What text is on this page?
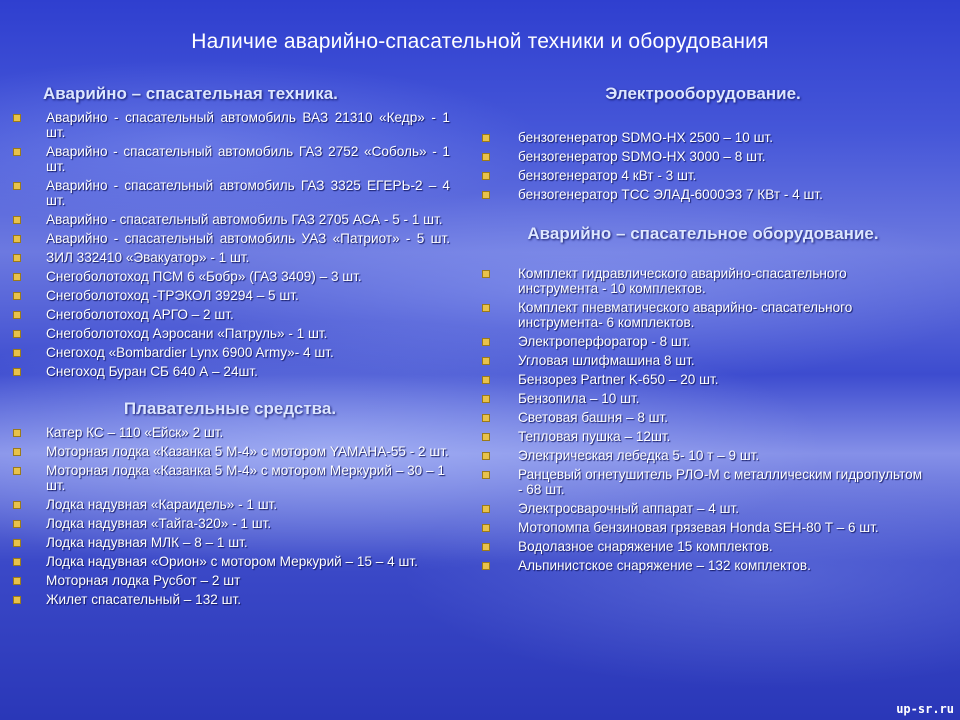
Наличие аварийно-спасательной техники и оборудования
Аварийно – спасательная техника.
Аварийно - спасательный автомобиль ВАЗ 21310 «Кедр» - 1 шт.
Аварийно - спасательный автомобиль ГАЗ 2752 «Соболь» - 1 шт.
Аварийно - спасательный автомобиль ГАЗ 3325 ЕГЕРЬ-2 – 4 шт.
Аварийно - спасательный автомобиль ГАЗ 2705 АСА - 5 - 1 шт.
Аварийно - спасательный автомобиль УАЗ «Патриот» - 5 шт.
ЗИЛ 332410 «Эвакуатор» - 1 шт.
Снегоболотоход ПСМ 6 «Бобр» (ГАЗ 3409) – 3 шт.
Снегоболотоход -ТРЭКОЛ 39294 – 5 шт.
Снегоболотоход АРГО – 2 шт.
Снегоболотоход Аэросани «Патруль» - 1 шт.
Снегоход «Bombardier Lynx 6900 Army»- 4 шт.
Снегоход Буран СБ 640 А – 24шт.
Плавательные средства.
Катер КС – 110 «Ейск» 2 шт.
Моторная лодка «Казанка 5 М-4» с мотором YAMAHA-55 - 2 шт.
Моторная лодка «Казанка 5 М-4» с мотором Меркурий – 30 – 1 шт.
Лодка надувная «Караидель» - 1 шт.
Лодка надувная «Тайга-320» - 1 шт.
Лодка надувная МЛК – 8 – 1 шт.
Лодка надувная «Орион» с мотором Меркурий – 15 – 4 шт.
Моторная лодка Русбот – 2 шт
Жилет спасательный – 132 шт.
Электрооборудование.
бензогенератор SDMO-HX 2500 – 10 шт.
бензогенератор SDMO-HX 3000 – 8 шт.
бензогенератор 4 кВт - 3 шт.
бензогенератор ТСС ЭЛАД-6000Э3 7 КВт - 4 шт.
Аварийно – спасательное оборудование.
Комплект гидравлического аварийно-спасательного инструмента - 10 комплектов.
Комплект пневматического аварийно- спасательного инструмента- 6 комплектов.
Электроперфоратор - 8 шт.
Угловая шлифмашина 8 шт.
Бензорез Partner K-650 – 20 шт.
Бензопила – 10 шт.
Световая башня – 8 шт.
Тепловая пушка – 12шт.
Электрическая лебедка 5- 10 т – 9 шт.
Ранцевый огнетушитель РЛО-М с металлическим гидропультом - 68 шт.
Электросварочный аппарат – 4 шт.
Мотопомпа бензиновая грязевая Honda SEH-80 T – 6 шт.
Водолазное снаряжение 15 комплектов.
Альпинистское снаряжение – 132 комплектов.
up-sr.ru
